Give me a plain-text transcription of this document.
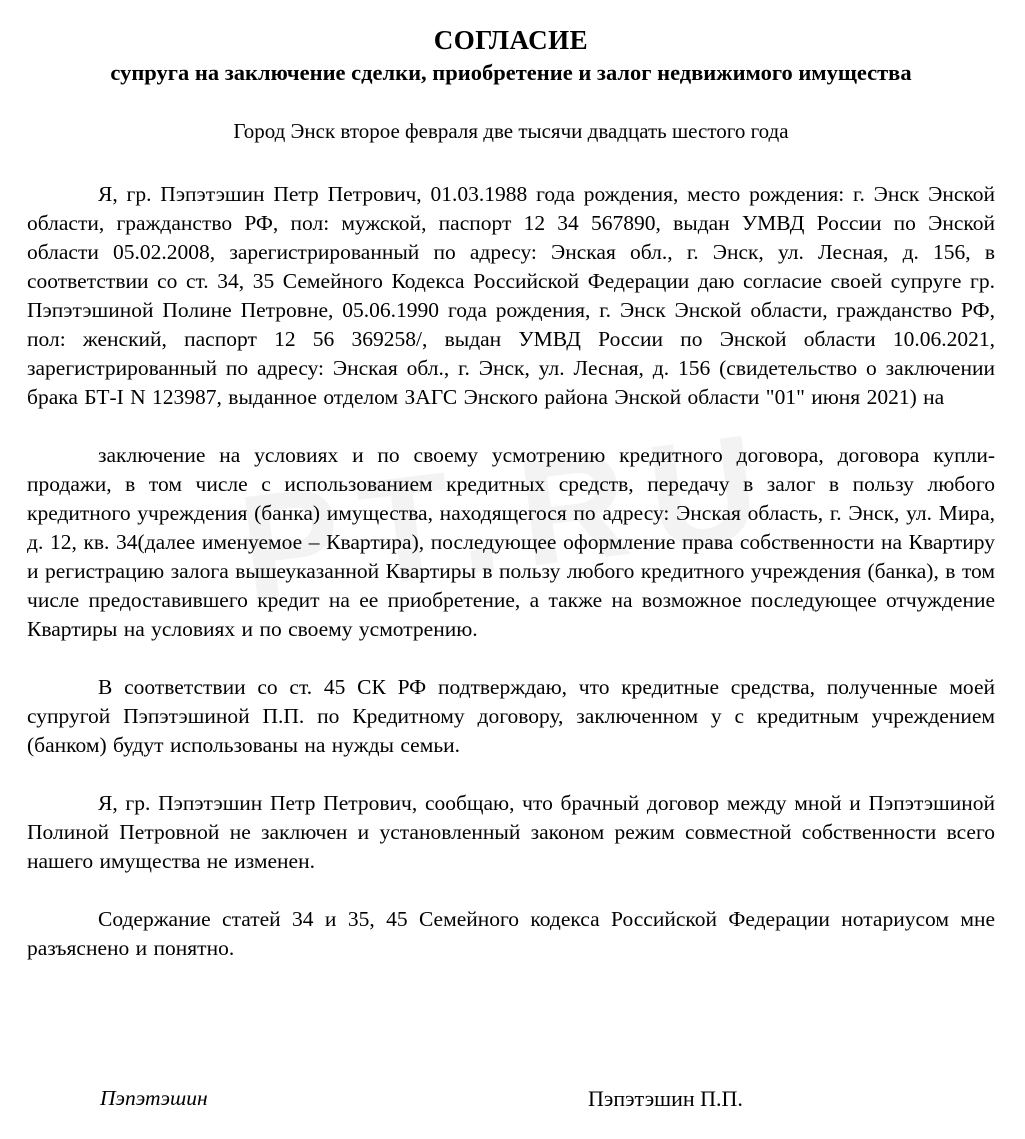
СОГЛАСИЕ
супруга на заключение сделки, приобретение и залог недвижимого имущества
Город Энск второе февраля две тысячи двадцать шестого года

Я, гр. Пэпэтэшин Петр Петрович, 01.03.1988 года рождения, место рождения: г. Энск Энской области, гражданство РФ, пол: мужской, паспорт 12 34 567890, выдан УМВД России по Энской области 05.02.2008, зарегистрированный по адресу: Энская обл., г. Энск, ул. Лесная, д. 156, в соответствии со ст. 34, 35 Семейного Кодекса Российской Федерации даю согласие своей супруге гр. Пэпэтэшиной Полине Петровне, 05.06.1990 года рождения, г. Энск Энской области, гражданство РФ, пол: женский, паспорт 12 56 369258/, выдан УМВД России по Энской области 10.06.2021, зарегистрированный по адресу: Энская обл., г. Энск, ул. Лесная, д. 156 (свидетельство о заключении брака БТ-I N 123987, выданное отделом ЗАГС Энского района Энской области "01" июня 2021) на

заключение на условиях и по своему усмотрению кредитного договора, договора купли-продажи, в том числе с использованием кредитных средств, передачу в залог в пользу любого кредитного учреждения (банка) имущества, находящегося по адресу: Энская область, г. Энск, ул. Мира, д. 12, кв. 34(далее именуемое – Квартира), последующее оформление права собственности на Квартиру и регистрацию залога вышеуказанной Квартиры в пользу любого кредитного учреждения (банка), в том числе предоставившего кредит на ее приобретение, а также на возможное последующее отчуждение Квартиры на условиях и по своему усмотрению.

В соответствии со ст. 45 СК РФ подтверждаю, что кредитные средства, полученные моей супругой Пэпэтэшиной П.П. по Кредитному договору, заключенном у с кредитным учреждением (банком) будут использованы на нужды семьи.

Я, гр. Пэпэтэшин Петр Петрович, сообщаю, что брачный договор между мной и Пэпэтэшиной Полиной Петровной не заключен и установленный законом режим совместной собственности всего нашего имущества не изменен.

Содержание статей 34 и 35, 45 Семейного кодекса Российской Федерации нотариусом мне разъяснено и понятно.

Пэпэтэшин	Пэпэтэшин П.П.
